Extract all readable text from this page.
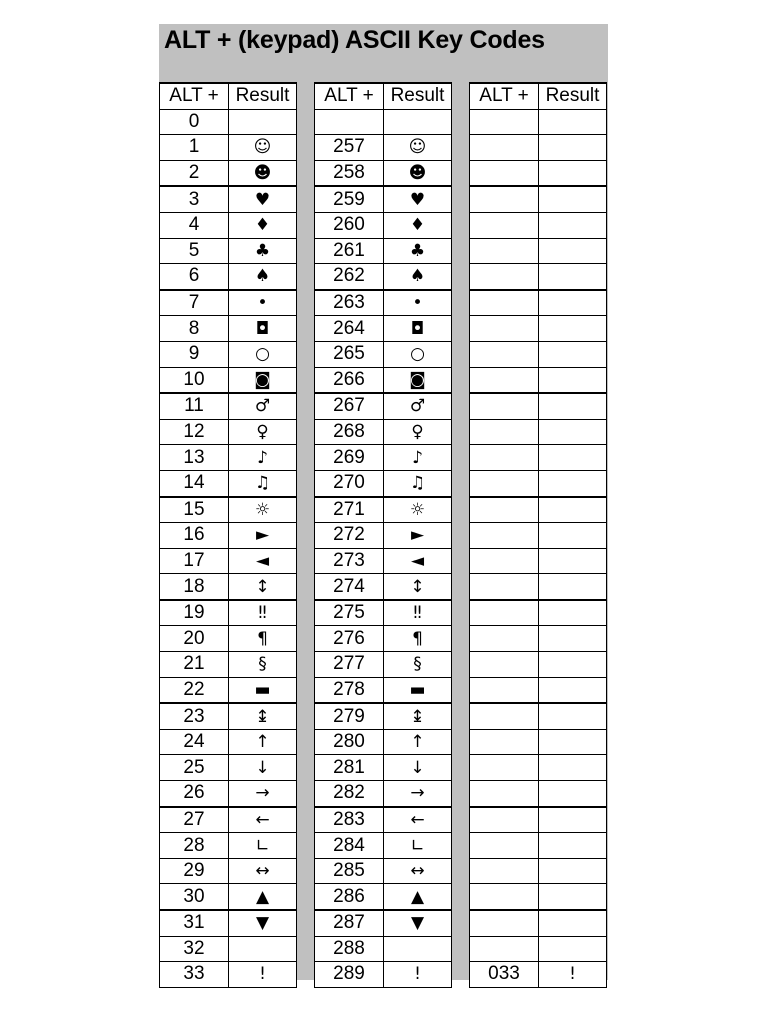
ALT + (keypad) ASCII Key Codes
ALT +	Result
0	
1	☺
2	☻
3	♥
4	♦
5	♣
6	♠
7	•
8	◘
9	○
10	◙
11	♂
12	♀
13	♪
14	♫
15	☼
16	►
17	◄
18	↕
19	‼
20	¶
21	§
22	▬
23	↨
24	↑
25	↓
26	→
27	←
28	∟
29	↔
30	▲
31	▼
32	
33	!
ALT +	Result

257	☺
258	☻
259	♥
260	♦
261	♣
262	♠
263	•
264	◘
265	○
266	◙
267	♂
268	♀
269	♪
270	♫
271	☼
272	►
273	◄
274	↕
275	‼
276	¶
277	§
278	▬
279	↨
280	↑
281	↓
282	→
283	←
284	∟
285	↔
286	▲
287	▼
288	
289	!
ALT +	Result

033	!
